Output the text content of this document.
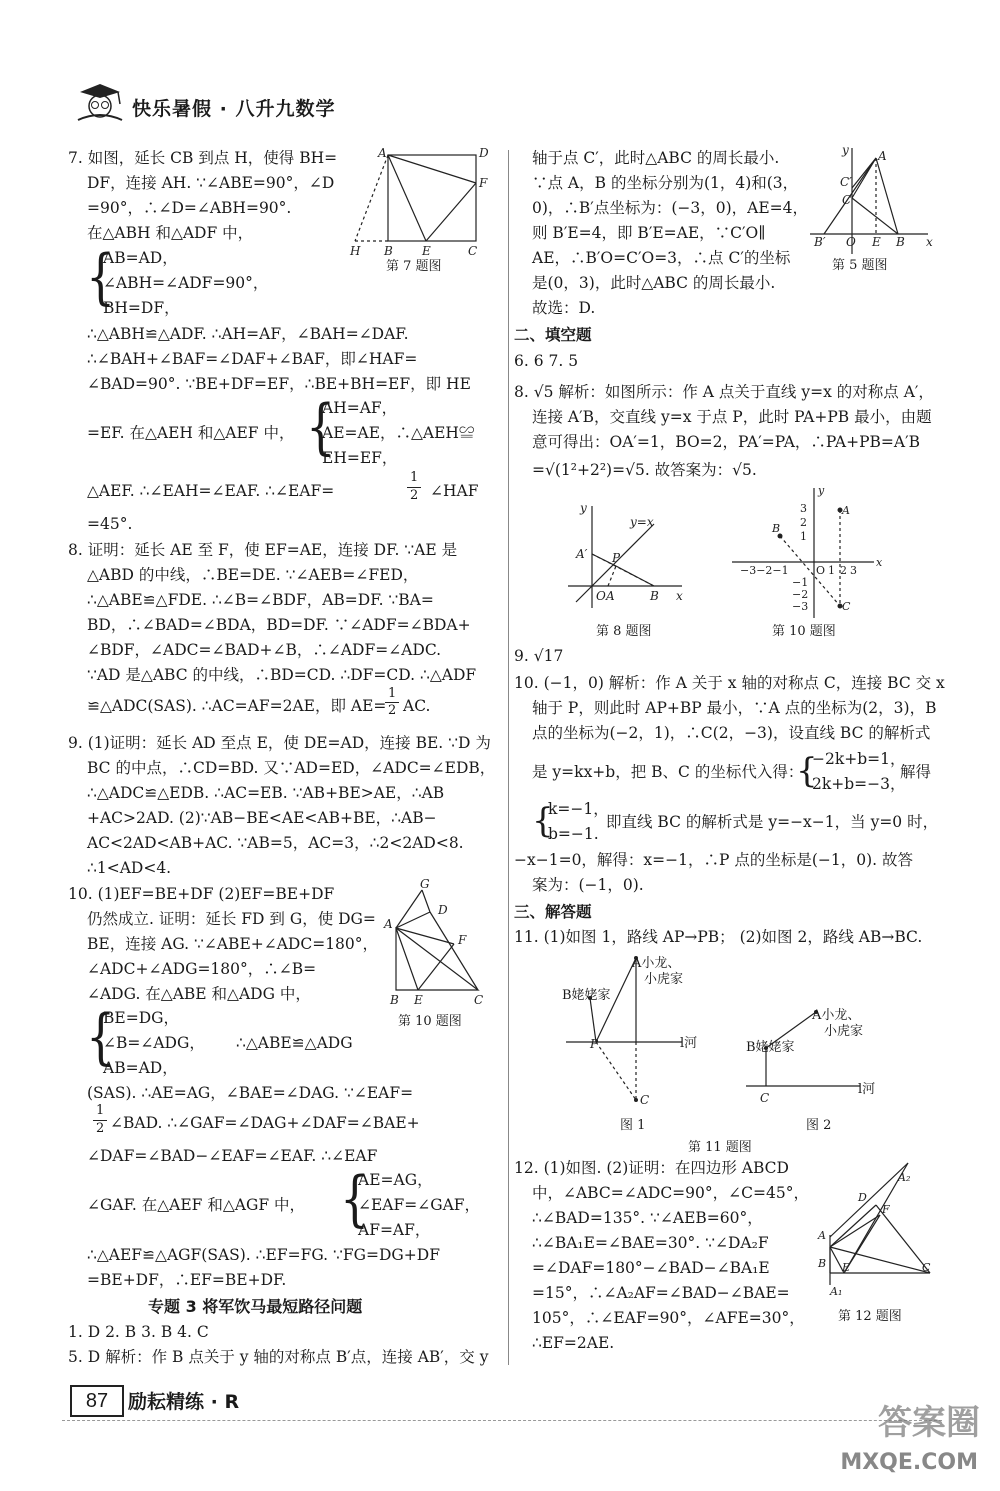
快乐暑假 · 八升九数学
7. 如图，延长 CB 到点 H，使得 BH=
DF，连接 AH. ∵∠ABE=90°，∠D
=90°，∴∠D=∠ABH=90°.
在△ABH 和△ADF 中，
{
AB=AD，
∠ABH=∠ADF=90°，
BH=DF，
∴△ABH≌△ADF. ∴AH=AF，∠BAH=∠DAF.
∴∠BAH+∠BAF=∠DAF+∠BAF，即∠HAF=
∠BAD=90°. ∵BE+DF=EF，∴BE+BH=EF，即 HE
{
AH=AF，
=EF. 在△AEH 和△AEF 中， AE=AE，∴△AEH≌
EH=EF，
△AEF. ∴∠EAH=∠EAF. ∴∠EAF=
1
2 ∠HAF
=45°.
8. 证明：延长 AE 至 F，使 EF=AE，连接 DF. ∵AE 是
△ABD 的中线，∴BE=DE. ∵∠AEB=∠FED，
∴△ABE≌△FDE. ∴∠B=∠BDF，AB=DF. ∵BA=
BD，∴∠BAD=∠BDA，BD=DF. ∵∠ADF=∠BDA+
∠BDF，∠ADC=∠BAD+∠B，∴∠ADF=∠ADC.
∵AD 是△ABC 的中线，∴BD=CD. ∴DF=CD. ∴△ADF
≌△ADC(SAS). ∴AC=AF=2AE，即 AE=
1
2 AC.
9. (1)证明：延长 AD 至点 E，使 DE=AD，连接 BE. ∵D 为
BC 的中点，∴CD=BD. 又∵AD=ED，∠ADC=∠EDB，
∴△ADC≌△EDB. ∴AC=EB. ∵AB+BE>AE，∴AB
+AC>2AD. (2)∵AB−BE<AE<AB+BE，∴AB−
AC<2AD<AB+AC. ∵AB=5，AC=3，∴2<2AD<8.
∴1<AD<4.
10. (1)EF=BE+DF (2)EF=BE+DF
仍然成立. 证明：延长 FD 到 G，使 DG=
BE，连接 AG. ∵∠ABE+∠ADC=180°，
∠ADC+∠ADG=180°，∴∠B=
∠ADG. 在△ABE 和△ADG 中，
{
BE=DG，
∠B=∠ADG， ∴△ABE≌△ADG
AB=AD，
(SAS). ∴AE=AG，∠BAE=∠DAG. ∵∠EAF=
1
2 ∠BAD. ∴∠GAF=∠DAG+∠DAF=∠BAE+
∠DAF=∠BAD−∠EAF=∠EAF. ∴∠EAF
{
AE=AG，
∠GAF. 在△AEF 和△AGF 中，	∠EAF=∠GAF，
AF=AF，
∴△AEF≌△AGF(SAS). ∴EF=FG. ∵FG=DG+DF
=BE+DF，∴EF=BE+DF.
专题 3 将军饮马最短路径问题
1. D 2. B 3. B 4. C
5. D 解析：作 B 点关于 y 轴的对称点 B′点，连接 AB′，交 y
A	D
F
H B E	C
第 7 题图
G
D
F
A
B E	C
第 10 题图
轴于点 C′，此时△ABC 的周长最小.
∵点 A，B 的坐标分别为(1，4)和(3，
0)，∴B′点坐标为：(−3，0)，AE=4，
则 B′E=4，即 B′E=AE，∵C′O∥
AE，∴B′O=C′O=3，∴点 C′的坐标
是(0，3)，此时△ABC 的周长最小.
故选：D.
二、填空题
6. 6 7. 5
8. √5 解析：如图所示：作 A 点关于直线 y=x 的对称点 A′，
连接 A′B，交直线 y=x 于点 P，此时 PA+PB 最小，由题
意可得出：OA′=1，BO=2，PA′=PA，∴PA+PB=A′B
=√(1²+2²)=√5. 故答案为：√5.
9. √17
10. (−1，0) 解析：作 A 关于 x 轴的对称点 C，连接 BC 交 x
轴于 P，则此时 AP+BP 最小，∵A 点的坐标为(2，3)，B
点的坐标为(−2，1)，∴C(2，−3)，设直线 BC 的解析式
是 y=kx+b，把 B、C 的坐标代入得：
{
−2k+b=1，
2k+b=−3，
解得
{
k=−1，
b=−1.
即直线 BC 的解析式是 y=−x−1，当 y=0 时，
−x−1=0，解得：x=−1，∴P 点的坐标是(−1，0). 故答
案为：(−1，0).
三、解答题
11. (1)如图 1，路线 AP→PB； (2)如图 2，路线 AB→BC.
12. (1)如图. (2)证明：在四边形 ABCD
中，∠ABC=∠ADC=90°，∠C=45°，
∴∠BAD=135°. ∵∠AEB=60°，
∴∠BA₁E=∠BAE=30°. ∵∠DA₂F
=∠DAF=180°−∠BAD−∠BA₁E
=15°，∴∠A₂AF=∠BAD−∠BAE=
105°，∴∠EAF=90°，∠AFE=30°，
∴EF=2AE.
y A
C′
C
B′ O E B x
第 5 题图
y
y=x
A′ P
O A	B x
第 8 题图
y
A
B
C
x
3
2
1
−3−2−1 O 1 2 3
−1
−2
−3
第 10 题图
P
C	C
A小龙、
小虎家
B姥姥家
l河
A小龙、
小虎家
B姥姥家
l河
图 1	图 2
第 11 题图
A₂
D
F
A
B E	C
A₁
第 12 题图
87	励耘精练 · R
答案圈
MXQE.COM
